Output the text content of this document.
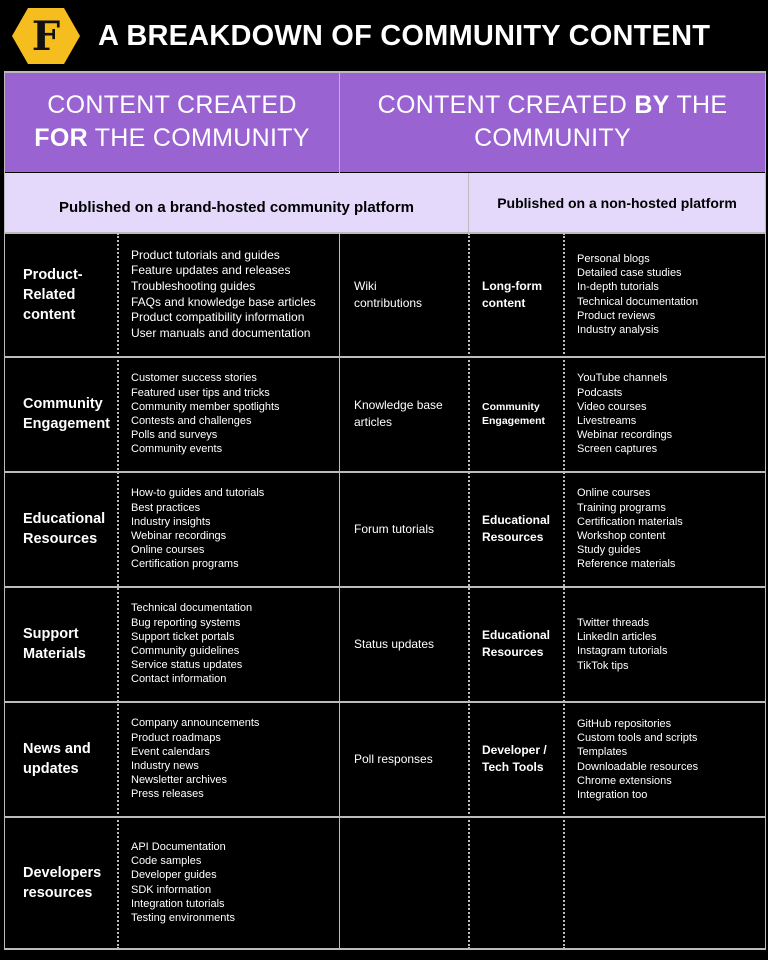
F A BREAKDOWN OF COMMUNITY CONTENT
CONTENT CREATED
FOR THE COMMUNITY
CONTENT CREATED BY THE COMMUNITY
Published on a brand-hosted community platform	Published on a non-hosted platform
Product-
Related
content
Product tutorials and guides
Feature updates and releases
Troubleshooting guides
FAQs and knowledge base articles
Product compatibility information
User manuals and documentation
Wiki
contributions
Long-form
content
Personal blogs
Detailed case studies
In-depth tutorials
Technical documentation
Product reviews
Industry analysis
Community
Engagement
Customer success stories
Featured user tips and tricks
Community member spotlights
Contests and challenges
Polls and surveys
Community events
Knowledge base
articles
Community
Engagement
YouTube channels
Podcasts
Video courses
Livestreams
Webinar recordings
Screen captures
Educational
Resources
How-to guides and tutorials
Best practices
Industry insights
Webinar recordings
Online courses
Certification programs
Forum tutorials
Educational
Resources
Online courses
Training programs
Certification materials
Workshop content
Study guides
Reference materials
Support
Materials
Technical documentation
Bug reporting systems
Support ticket portals
Community guidelines
Service status updates
Contact information
Status updates
Educational
Resources
Twitter threads
LinkedIn articles
Instagram tutorials
TikTok tips
News and
updates
Company announcements
Product roadmaps
Event calendars
Industry news
Newsletter archives
Press releases
Poll responses
Developer /
Tech Tools
GitHub repositories
Custom tools and scripts
Templates
Downloadable resources
Chrome extensions
Integration too
Developers
resources
API Documentation
Code samples
Developer guides
SDK information
Integration tutorials
Testing environments
